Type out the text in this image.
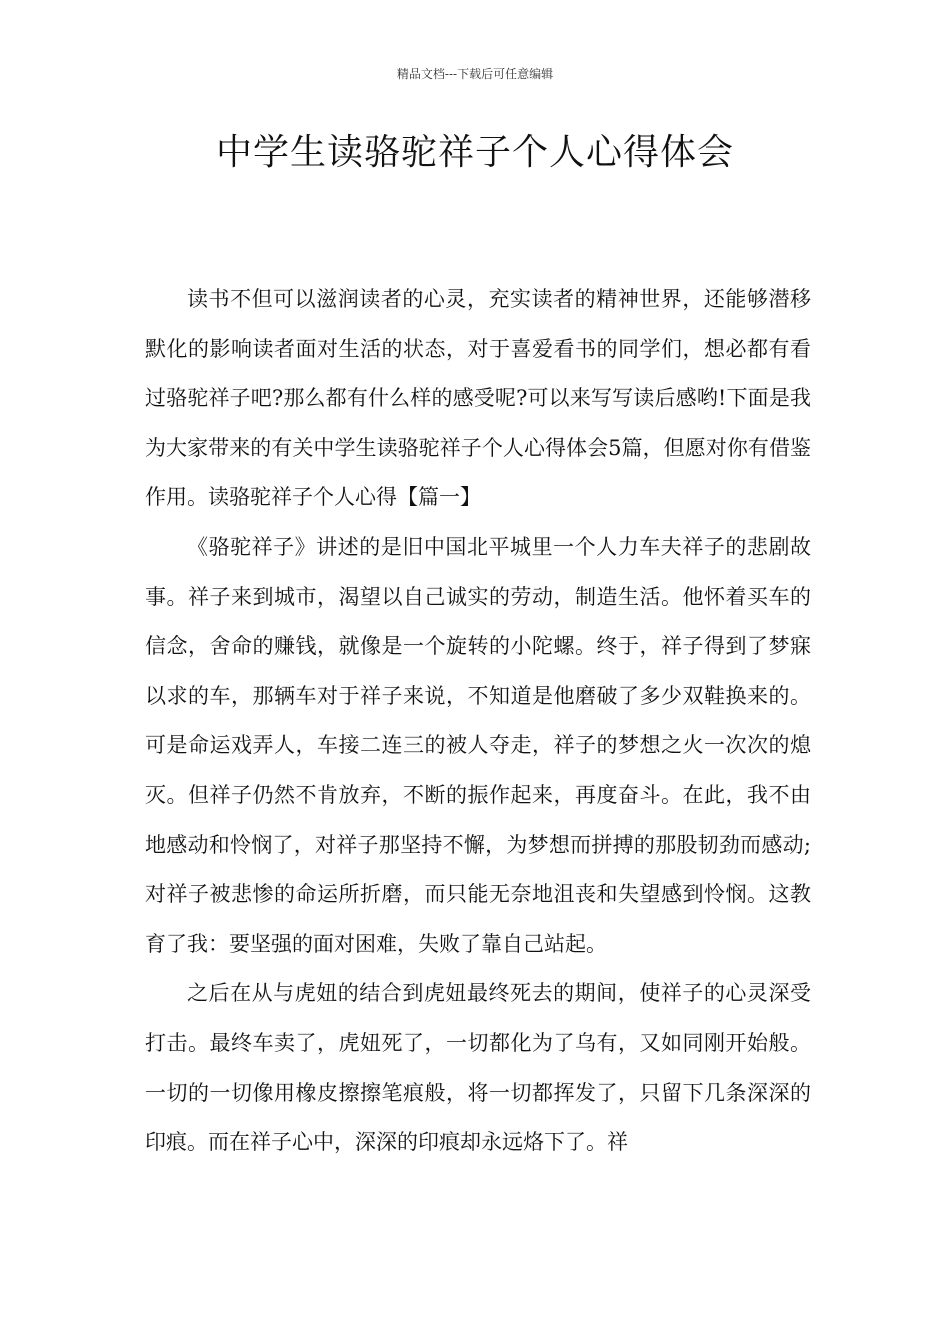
精品文档---下载后可任意编辑
中学生读骆驼祥子个人心得体会

读书不但可以滋润读者的心灵，充实读者的精神世界，还能够潜移默化的影响读者面对生活的状态，对于喜爱看书的同学们，想必都有看过骆驼祥子吧?那么都有什么样的感受呢?可以来写写读后感哟!下面是我为大家带来的有关中学生读骆驼祥子个人心得体会5篇，但愿对你有借鉴作用。读骆驼祥子个人心得【篇一】

《骆驼祥子》讲述的是旧中国北平城里一个人力车夫祥子的悲剧故事。祥子来到城市，渴望以自己诚实的劳动，制造生活。他怀着买车的信念，舍命的赚钱，就像是一个旋转的小陀螺。终于，祥子得到了梦寐以求的车，那辆车对于祥子来说，不知道是他磨破了多少双鞋换来的。可是命运戏弄人，车接二连三的被人夺走，祥子的梦想之火一次次的熄灭。但祥子仍然不肯放弃，不断的振作起来，再度奋斗。在此，我不由地感动和怜悯了，对祥子那坚持不懈，为梦想而拼搏的那股韧劲而感动;对祥子被悲惨的命运所折磨，而只能无奈地沮丧和失望感到怜悯。这教育了我：要坚强的面对困难，失败了靠自己站起。

之后在从与虎妞的结合到虎妞最终死去的期间，使祥子的心灵深受打击。最终车卖了，虎妞死了，一切都化为了乌有，又如同刚开始般。一切的一切像用橡皮擦擦笔痕般，将一切都挥发了，只留下几条深深的印痕。而在祥子心中，深深的印痕却永远烙下了。祥
